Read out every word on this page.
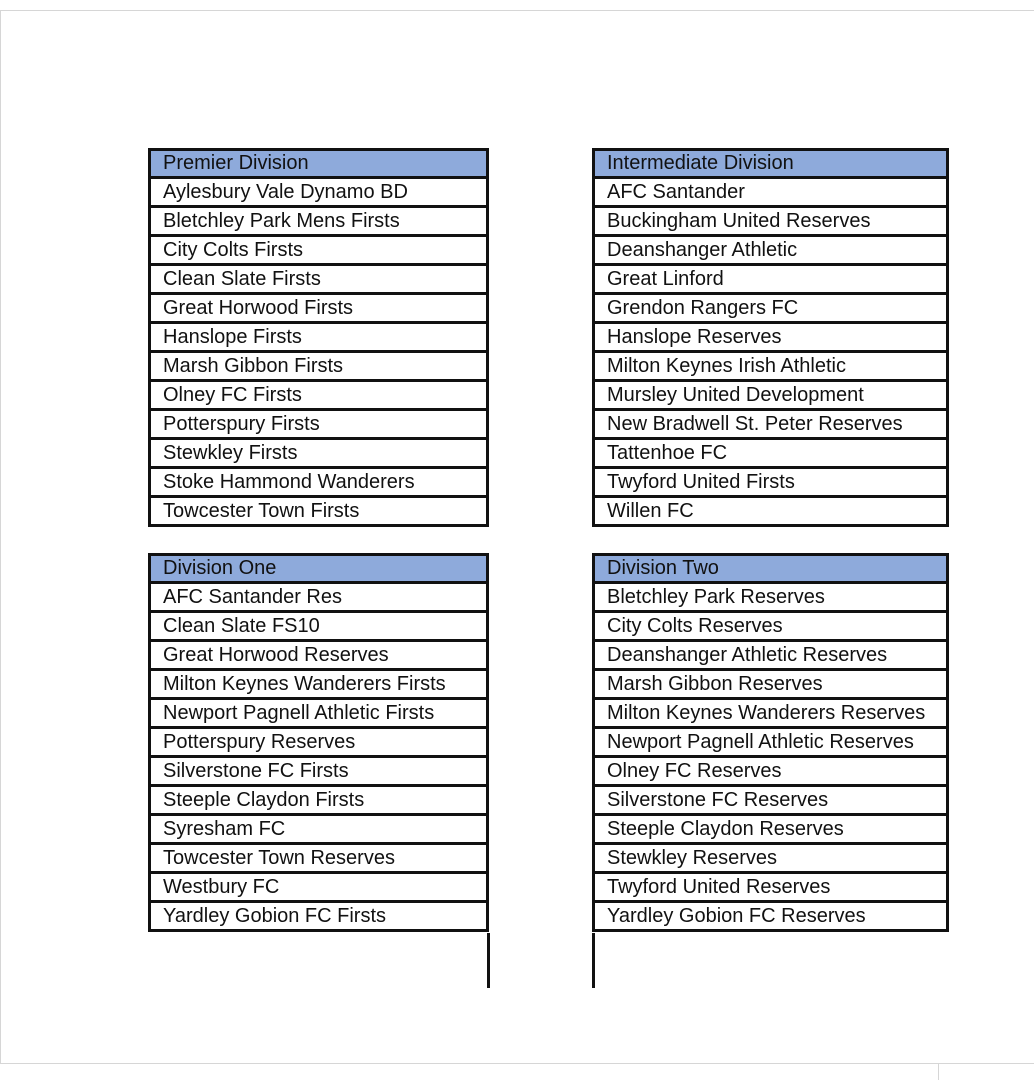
Premier Division
Aylesbury Vale Dynamo BD
Bletchley Park Mens Firsts
City Colts Firsts
Clean Slate Firsts
Great Horwood Firsts
Hanslope Firsts
Marsh Gibbon Firsts
Olney FC Firsts
Potterspury Firsts
Stewkley Firsts
Stoke Hammond Wanderers
Towcester Town Firsts
Intermediate Division
AFC Santander
Buckingham United Reserves
Deanshanger Athletic
Great Linford
Grendon Rangers FC
Hanslope Reserves
Milton Keynes Irish Athletic
Mursley United Development
New Bradwell St. Peter Reserves
Tattenhoe FC
Twyford United Firsts
Willen FC
Division One
AFC Santander Res
Clean Slate FS10
Great Horwood Reserves
Milton Keynes Wanderers Firsts
Newport Pagnell Athletic Firsts
Potterspury Reserves
Silverstone FC Firsts
Steeple Claydon Firsts
Syresham FC
Towcester Town Reserves
Westbury FC
Yardley Gobion FC Firsts
Division Two
Bletchley Park Reserves
City Colts Reserves
Deanshanger Athletic Reserves
Marsh Gibbon Reserves
Milton Keynes Wanderers Reserves
Newport Pagnell Athletic Reserves
Olney FC Reserves
Silverstone FC Reserves
Steeple Claydon Reserves
Stewkley Reserves
Twyford United Reserves
Yardley Gobion FC Reserves
